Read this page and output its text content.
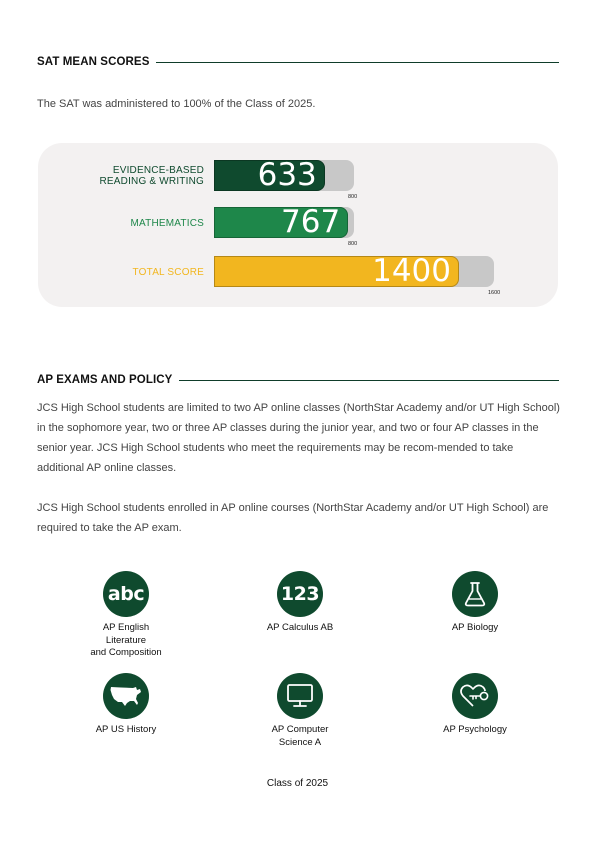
SAT MEAN SCORES

The SAT was administered to 100% of the Class of 2025.

EVIDENCE-BASED
READING & WRITING	633
800
MATHEMATICS	767
800
TOTAL SCORE	1400
1600
AP EXAMS AND POLICY

JCS High School students are limited to two AP online classes (NorthStar Academy and/or UT High School) in the sophomore year, two or three AP classes during the junior year, and two or four AP classes in the senior year. JCS High School students who meet the requirements may be recom-mended to take additional AP online classes.

JCS High School students enrolled in AP online courses (NorthStar Academy and/or UT High School) are required to take the AP exam.

abc
AP English
Literature
and Composition
123
AP Calculus AB	AP Biology
AP US History	AP Computer
Science A
AP Psychology
Class of 2025
